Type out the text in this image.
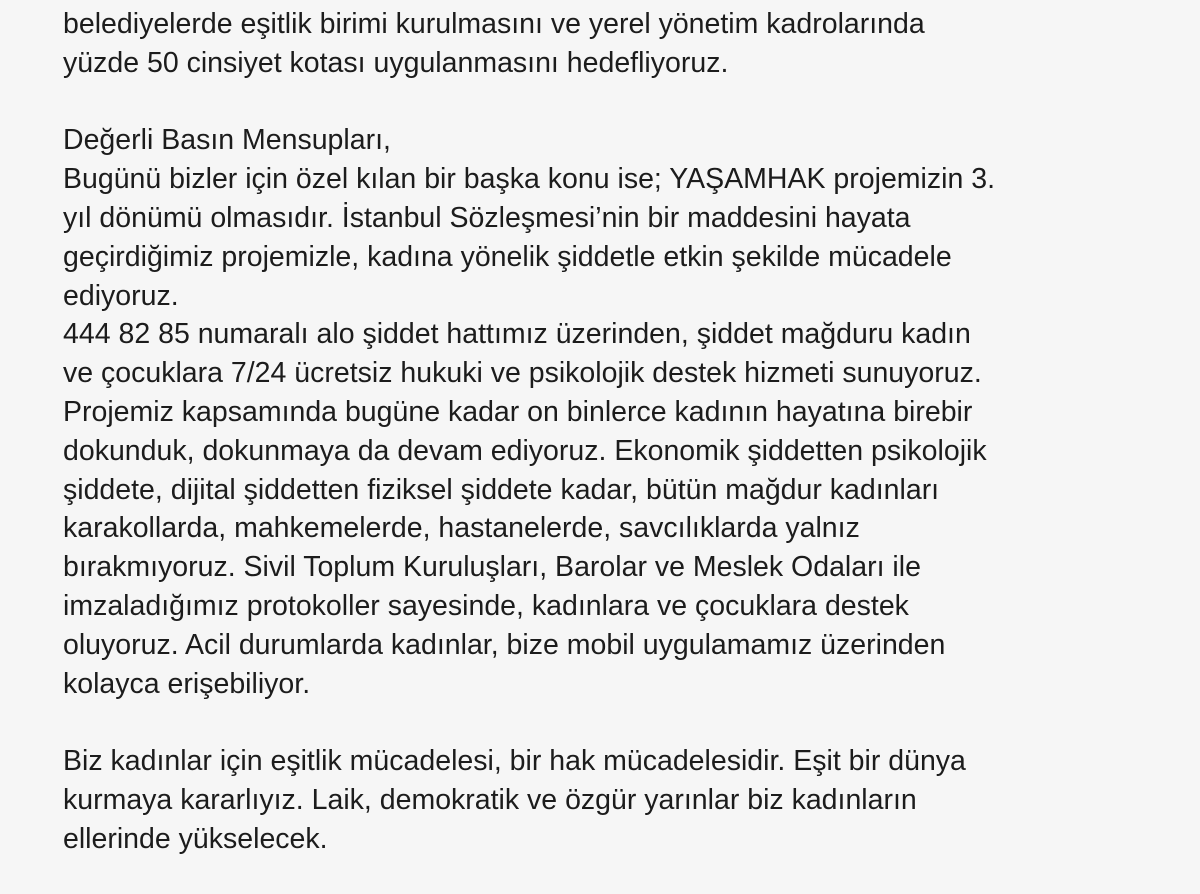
belediyelerde eşitlik birimi kurulmasını ve yerel yönetim kadrolarında
yüzde 50 cinsiyet kotası uygulanmasını hedefliyoruz.
Değerli Basın Mensupları,
Bugünü bizler için özel kılan bir başka konu ise; YAŞAMHAK projemizin 3.
yıl dönümü olmasıdır. İstanbul Sözleşmesi’nin bir maddesini hayata
geçirdiğimiz projemizle, kadına yönelik şiddetle etkin şekilde mücadele
ediyoruz.
444 82 85 numaralı alo şiddet hattımız üzerinden, şiddet mağduru kadın
ve çocuklara 7/24 ücretsiz hukuki ve psikolojik destek hizmeti sunuyoruz.
Projemiz kapsamında bugüne kadar on binlerce kadının hayatına birebir
dokunduk, dokunmaya da devam ediyoruz. Ekonomik şiddetten psikolojik
şiddete, dijital şiddetten fiziksel şiddete kadar, bütün mağdur kadınları
karakollarda, mahkemelerde, hastanelerde, savcılıklarda yalnız
bırakmıyoruz. Sivil Toplum Kuruluşları, Barolar ve Meslek Odaları ile
imzaladığımız protokoller sayesinde, kadınlara ve çocuklara destek
oluyoruz. Acil durumlarda kadınlar, bize mobil uygulamamız üzerinden
kolayca erişebiliyor.
Biz kadınlar için eşitlik mücadelesi, bir hak mücadelesidir. Eşit bir dünya
kurmaya kararlıyız. Laik, demokratik ve özgür yarınlar biz kadınların
ellerinde yükselecek.
